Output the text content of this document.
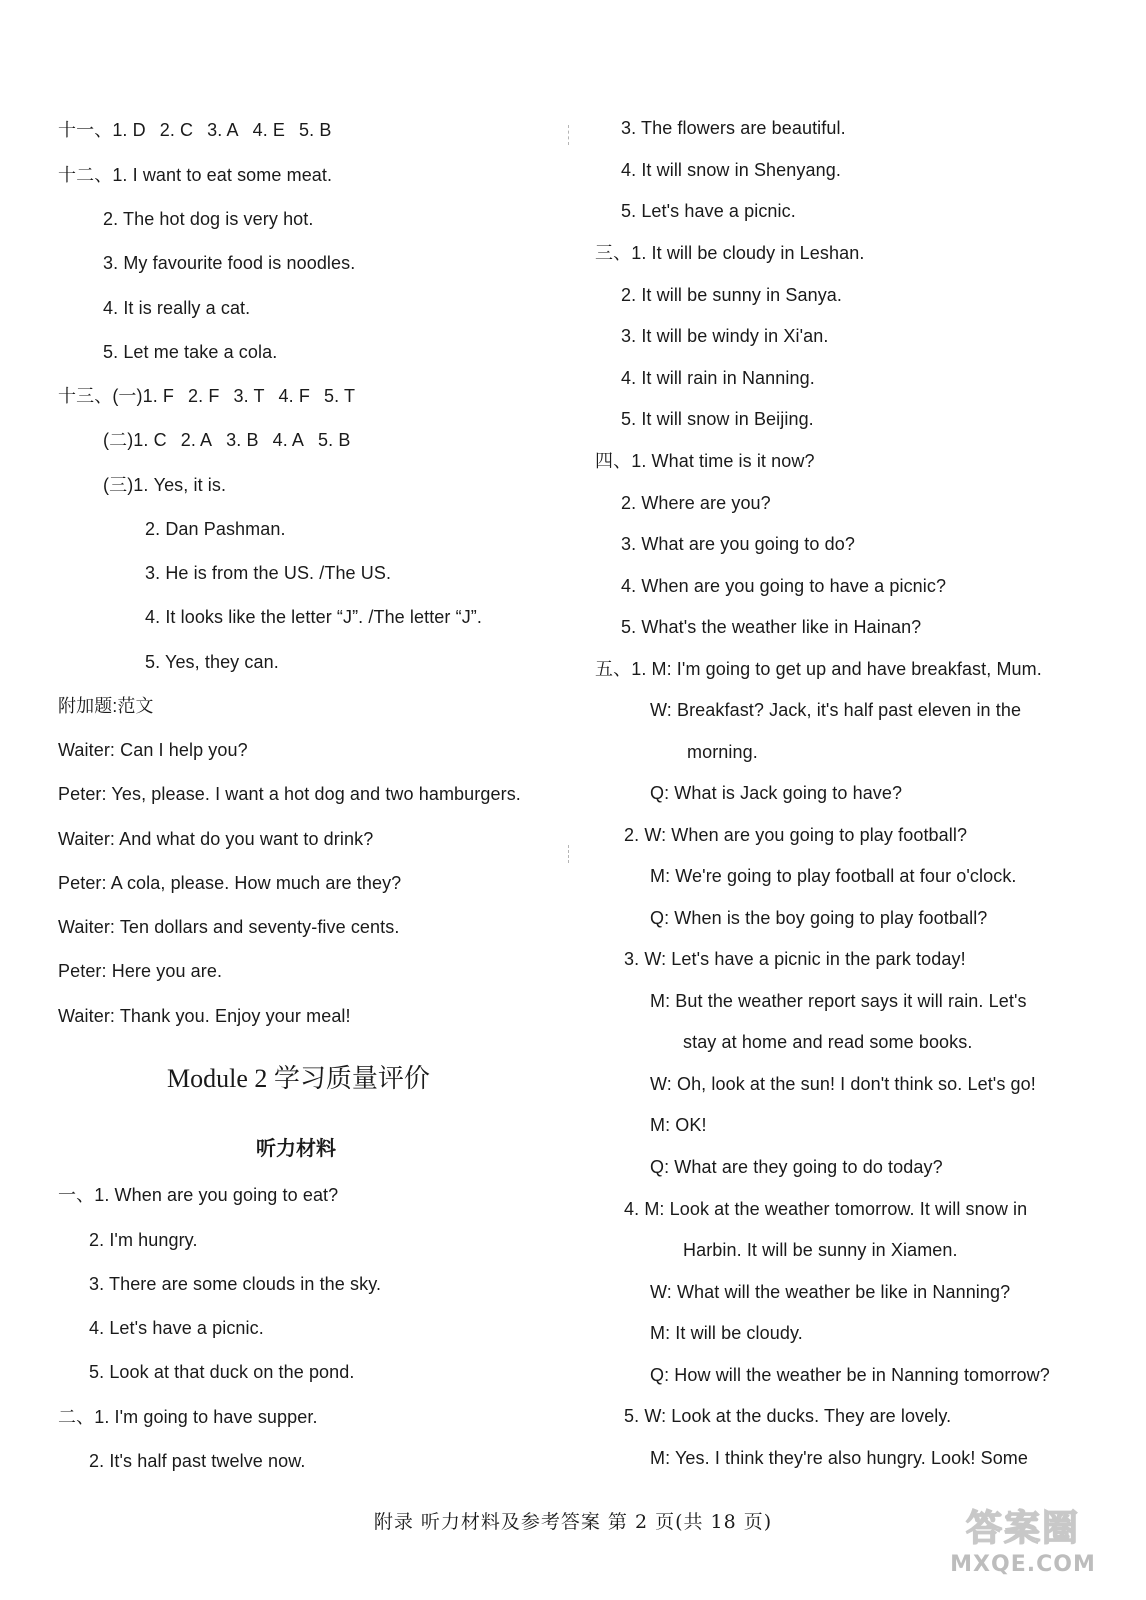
十一、1. D 2. C 3. A 4. E 5. B
十二、1. I want to eat some meat.
2. The hot dog is very hot.
3. My favourite food is noodles.
4. It is really a cat.
5. Let me take a cola.
十三、(一)1. F 2. F 3. T 4. F 5. T
(二)1. C 2. A 3. B 4. A 5. B
(三)1. Yes, it is.
2. Dan Pashman.
3. He is from the US. /The US.
4. It looks like the letter “J”. /The letter “J”.
5. Yes, they can.
附加题:范文
Waiter: Can I help you?
Peter: Yes, please. I want a hot dog and two hamburgers.
Waiter: And what do you want to drink?
Peter: A cola, please. How much are they?
Waiter: Ten dollars and seventy-five cents.
Peter: Here you are.
Waiter: Thank you. Enjoy your meal!
Module 2 学习质量评价
听力材料
一、1. When are you going to eat?
2. I'm hungry.
3. There are some clouds in the sky.
4. Let's have a picnic.
5. Look at that duck on the pond.
二、1. I'm going to have supper.
2. It's half past twelve now.
3. The flowers are beautiful.
4. It will snow in Shenyang.
5. Let's have a picnic.
三、1. It will be cloudy in Leshan.
2. It will be sunny in Sanya.
3. It will be windy in Xi'an.
4. It will rain in Nanning.
5. It will snow in Beijing.
四、1. What time is it now?
2. Where are you?
3. What are you going to do?
4. When are you going to have a picnic?
5. What's the weather like in Hainan?
五、1. M: I'm going to get up and have breakfast, Mum.
W: Breakfast? Jack, it's half past eleven in the
morning.
Q: What is Jack going to have?
2. W: When are you going to play football?
M: We're going to play football at four o'clock.
Q: When is the boy going to play football?
3. W: Let's have a picnic in the park today!
M: But the weather report says it will rain. Let's
stay at home and read some books.
W: Oh, look at the sun! I don't think so. Let's go!
M: OK!
Q: What are they going to do today?
4. M: Look at the weather tomorrow. It will snow in
Harbin. It will be sunny in Xiamen.
W: What will the weather be like in Nanning?
M: It will be cloudy.
Q: How will the weather be in Nanning tomorrow?
5. W: Look at the ducks. They are lovely.
M: Yes. I think they're also hungry. Look! Some
附录 听力材料及参考答案 第 2 页(共 18 页)	答案圈
MXQE.COM
